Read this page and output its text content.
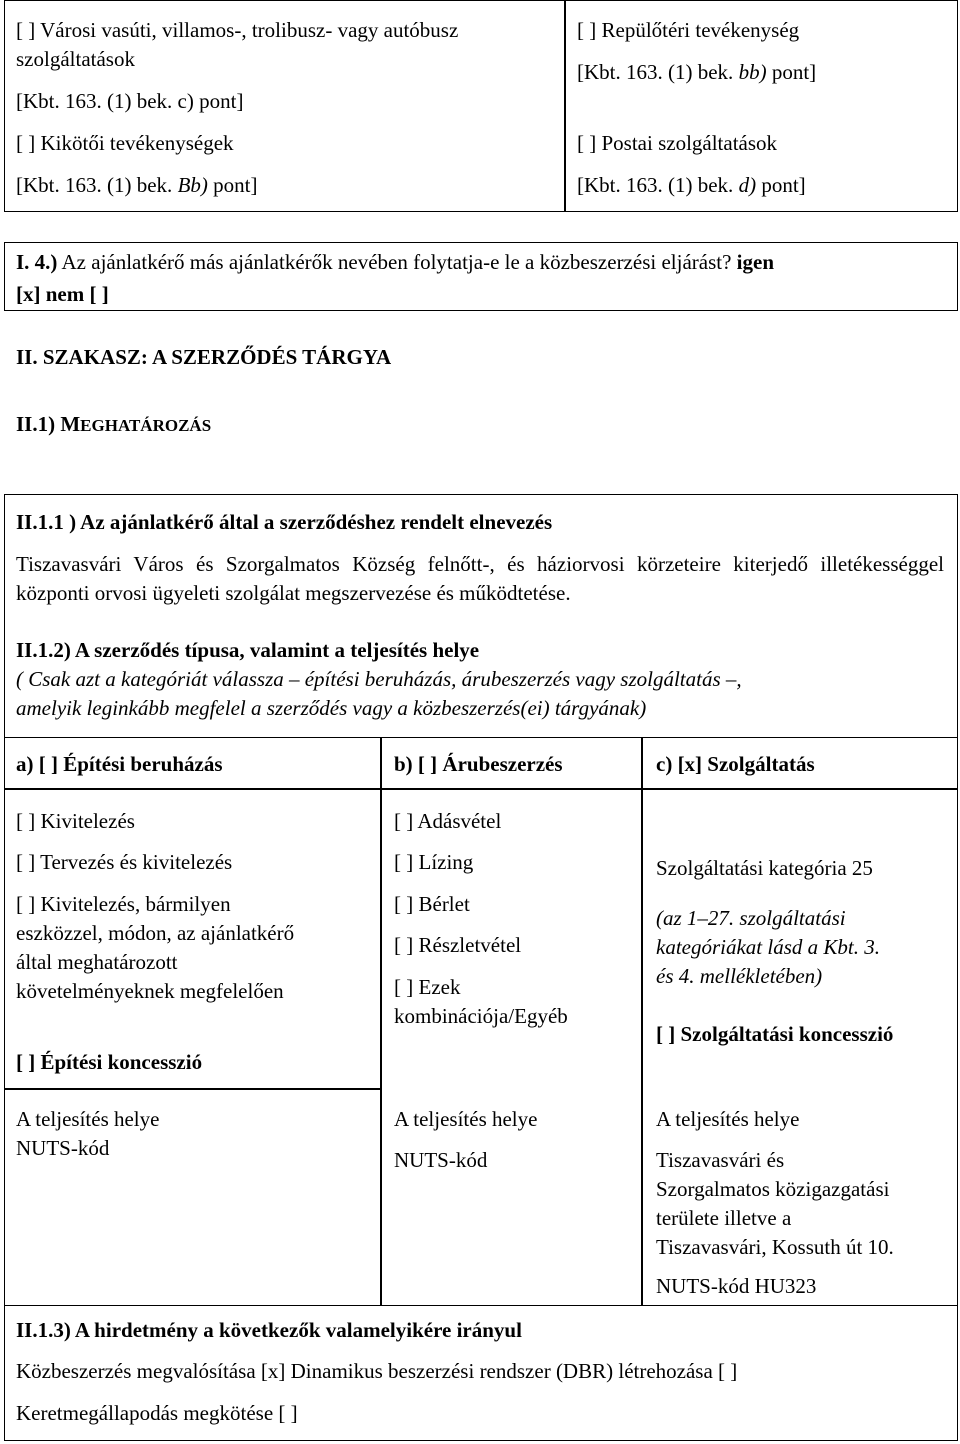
[ ] Városi vasúti, villamos-, trolibusz- vagy autóbusz
szolgáltatások
[Kbt. 163. (1) bek. c) pont]
[ ] Kikötői tevékenységek
[Kbt. 163. (1) bek. Bb) pont]
[ ] Repülőtéri tevékenység
[Kbt. 163. (1) bek. bb) pont]
[ ] Postai szolgáltatások
[Kbt. 163. (1) bek. d) pont]
I. 4.) Az ajánlatkérő más ajánlatkérők nevében folytatja-e le a közbeszerzési eljárást? igen
[x] nem [ ]
II. SZAKASZ: A SZERZŐDÉS TÁRGYA
II.1) MEGHATÁROZÁS
II.1.1 ) Az ajánlatkérő által a szerződéshez rendelt elnevezés
Tiszavasvári Város és Szorgalmatos Község felnőtt-, és háziorvosi körzeteire kiterjedő illetékességgel központi orvosi ügyeleti szolgálat megszervezése és működtetése.
II.1.2) A szerződés típusa, valamint a teljesítés helye
( Csak azt a kategóriát válassza – építési beruházás, árubeszerzés vagy szolgáltatás –,
amelyik leginkább megfelel a szerződés vagy a közbeszerzés(ei) tárgyának)
a) [ ] Építési beruházás
[ ] Kivitelezés
[ ] Tervezés és kivitelezés
[ ] Kivitelezés, bármilyen
eszközzel, módon, az ajánlatkérő
által meghatározott
követelményeknek megfelelően
[ ] Építési koncesszió
A teljesítés helye
NUTS-kód
b) [ ] Árubeszerzés
[ ] Adásvétel
[ ] Lízing
[ ] Bérlet
[ ] Részletvétel
[ ] Ezek
kombinációja/Egyéb
A teljesítés helye
NUTS-kód
c) [x] Szolgáltatás
Szolgáltatási kategória 25
(az 1–27. szolgáltatási
kategóriákat lásd a Kbt. 3.
és 4. mellékletében)
[ ] Szolgáltatási koncesszió
A teljesítés helye
Tiszavasvári és
Szorgalmatos közigazgatási
területe illetve a
Tiszavasvári, Kossuth út 10.
NUTS-kód HU323
II.1.3) A hirdetmény a következők valamelyikére irányul
Közbeszerzés megvalósítása [x] Dinamikus beszerzési rendszer (DBR) létrehozása [ ]
Keretmegállapodás megkötése [ ]
